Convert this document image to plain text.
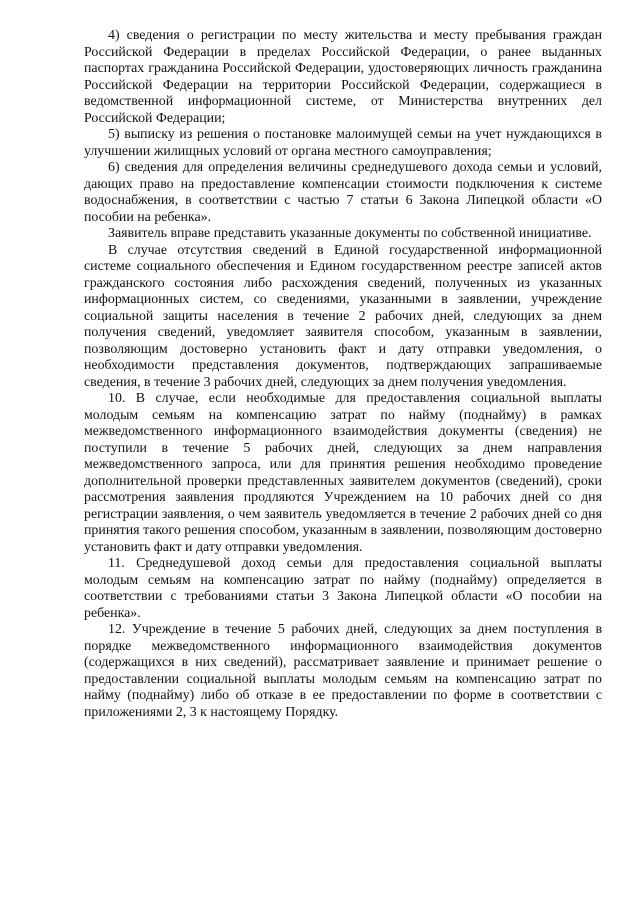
4) сведения о регистрации по месту жительства и месту пребывания граждан Российской Федерации в пределах Российской Федерации, о ранее выданных паспортах гражданина Российской Федерации, удостоверяющих личность гражданина Российской Федерации на территории Российской Федерации, содержащиеся в ведомственной информационной системе, от Министерства внутренних дел Российской Федерации;

5) выписку из решения о постановке малоимущей семьи на учет нуждающихся в улучшении жилищных условий от органа местного самоуправления;

6) сведения для определения величины среднедушевого дохода семьи и условий, дающих право на предоставление компенсации стоимости подключения к системе водоснабжения, в соответствии с частью 7 статьи 6 Закона Липецкой области «О пособии на ребенка».

Заявитель вправе представить указанные документы по собственной инициативе.

В случае отсутствия сведений в Единой государственной информационной системе социального обеспечения и Едином государственном реестре записей актов гражданского состояния либо расхождения сведений, полученных из указанных информационных систем, со сведениями, указанными в заявлении, учреждение социальной защиты населения в течение 2 рабочих дней, следующих за днем получения сведений, уведомляет заявителя способом, указанным в заявлении, позволяющим достоверно установить факт и дату отправки уведомления, о необходимости представления документов, подтверждающих запрашиваемые сведения, в течение 3 рабочих дней, следующих за днем получения уведомления.

10. В случае, если необходимые для предоставления социальной выплаты молодым семьям на компенсацию затрат по найму (поднайму) в рамках межведомственного информационного взаимодействия документы (сведения) не поступили в течение 5 рабочих дней, следующих за днем направления межведомственного запроса, или для принятия решения необходимо проведение дополнительной проверки представленных заявителем документов (сведений), сроки рассмотрения заявления продляются Учреждением на 10 рабочих дней со дня регистрации заявления, о чем заявитель уведомляется в течение 2 рабочих дней со дня принятия такого решения способом, указанным в заявлении, позволяющим достоверно установить факт и дату отправки уведомления.

11. Среднедушевой доход семьи для предоставления социальной выплаты молодым семьям на компенсацию затрат по найму (поднайму) определяется в соответствии с требованиями статьи 3 Закона Липецкой области «О пособии на ребенка».

12. Учреждение в течение 5 рабочих дней, следующих за днем поступления в порядке межведомственного информационного взаимодействия документов (содержащихся в них сведений), рассматривает заявление и принимает решение о предоставлении социальной выплаты молодым семьям на компенсацию затрат по найму (поднайму) либо об отказе в ее предоставлении по форме в соответствии с приложениями 2, 3 к настоящему Порядку.
